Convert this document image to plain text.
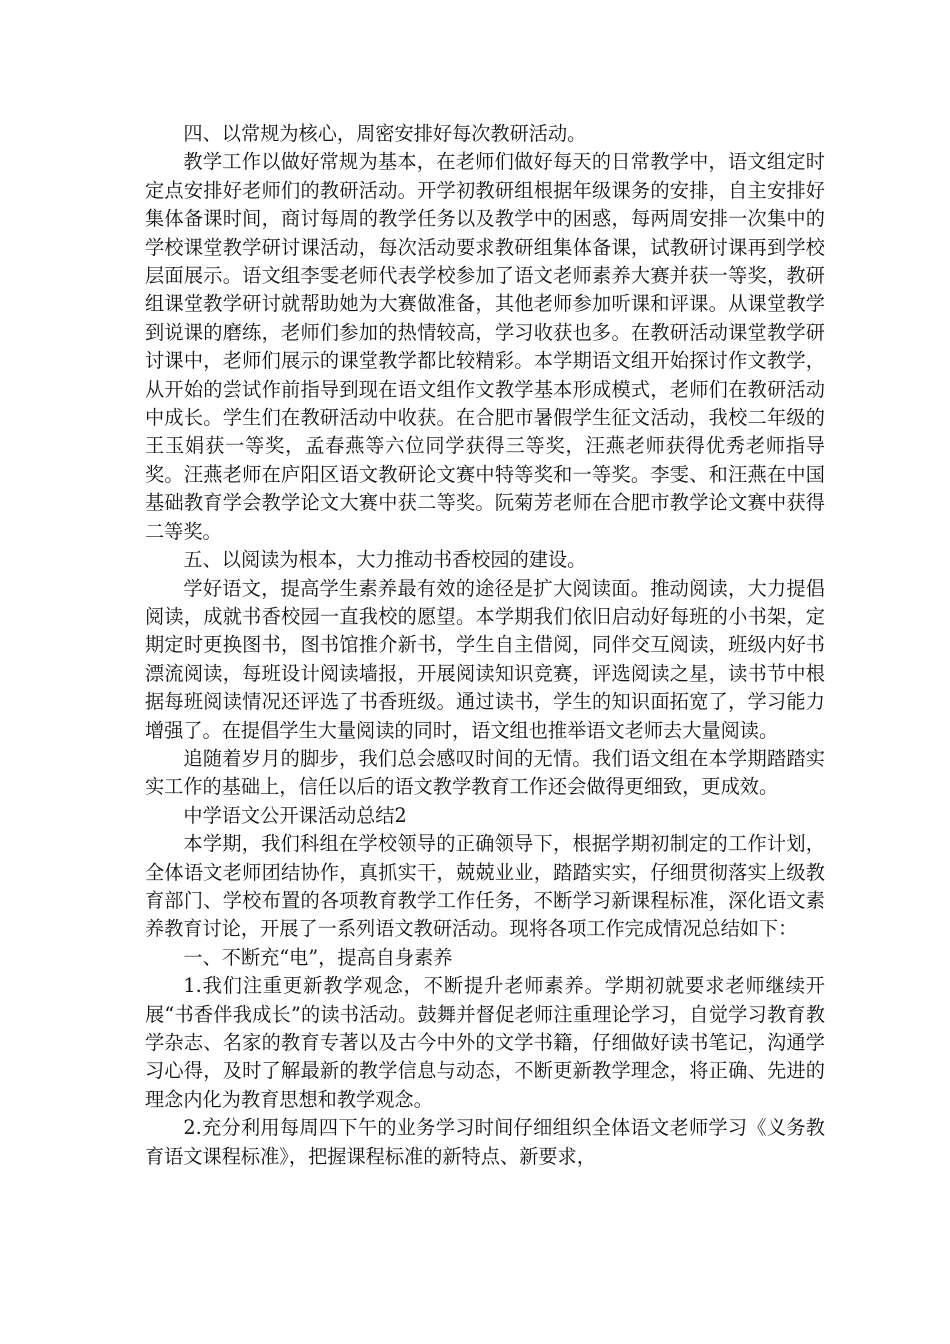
四、以常规为核心，周密安排好每次教研活动。

教学工作以做好常规为基本，在老师们做好每天的日常教学中，语文组定时定点安排好老师们的教研活动。开学初教研组根据年级课务的安排，自主安排好集体备课时间，商讨每周的教学任务以及教学中的困惑，每两周安排一次集中的学校课堂教学研讨课活动，每次活动要求教研组集体备课，试教研讨课再到学校层面展示。语文组李雯老师代表学校参加了语文老师素养大赛并获一等奖，教研组课堂教学研讨就帮助她为大赛做准备，其他老师参加听课和评课。从课堂教学到说课的磨练，老师们参加的热情较高，学习收获也多。在教研活动课堂教学研讨课中，老师们展示的课堂教学都比较精彩。本学期语文组开始探讨作文教学，从开始的尝试作前指导到现在语文组作文教学基本形成模式，老师们在教研活动中成长。学生们在教研活动中收获。在合肥市暑假学生征文活动，我校二年级的王玉娟获一等奖，孟春燕等六位同学获得三等奖，汪燕老师获得优秀老师指导奖。汪燕老师在庐阳区语文教研论文赛中特等奖和一等奖。李雯、和汪燕在中国基础教育学会教学论文大赛中获二等奖。阮菊芳老师在合肥市教学论文赛中获得二等奖。

五、以阅读为根本，大力推动书香校园的建设。

学好语文，提高学生素养最有效的途径是扩大阅读面。推动阅读，大力提倡阅读，成就书香校园一直我校的愿望。本学期我们依旧启动好每班的小书架，定期定时更换图书，图书馆推介新书，学生自主借阅，同伴交互阅读，班级内好书漂流阅读，每班设计阅读墙报，开展阅读知识竞赛，评选阅读之星，读书节中根据每班阅读情况还评选了书香班级。通过读书，学生的知识面拓宽了，学习能力增强了。在提倡学生大量阅读的同时，语文组也推举语文老师去大量阅读。

追随着岁月的脚步，我们总会感叹时间的无情。我们语文组在本学期踏踏实实工作的基础上，信任以后的语文教学教育工作还会做得更细致，更成效。

中学语文公开课活动总结2

本学期，我们科组在学校领导的正确领导下，根据学期初制定的工作计划，全体语文老师团结协作，真抓实干，兢兢业业，踏踏实实，仔细贯彻落实上级教育部门、学校布置的各项教育教学工作任务，不断学习新课程标准，深化语文素养教育讨论，开展了一系列语文教研活动。现将各项工作完成情况总结如下：

一、不断充“电”，提高自身素养

1.我们注重更新教学观念，不断提升老师素养。学期初就要求老师继续开展“书香伴我成长”的读书活动。鼓舞并督促老师注重理论学习，自觉学习教育教学杂志、名家的教育专著以及古今中外的文学书籍，仔细做好读书笔记，沟通学习心得，及时了解最新的教学信息与动态，不断更新教学理念，将正确、先进的理念内化为教育思想和教学观念。

2.充分利用每周四下午的业务学习时间仔细组织全体语文老师学习《义务教育语文课程标准》，把握课程标准的新特点、新要求，
